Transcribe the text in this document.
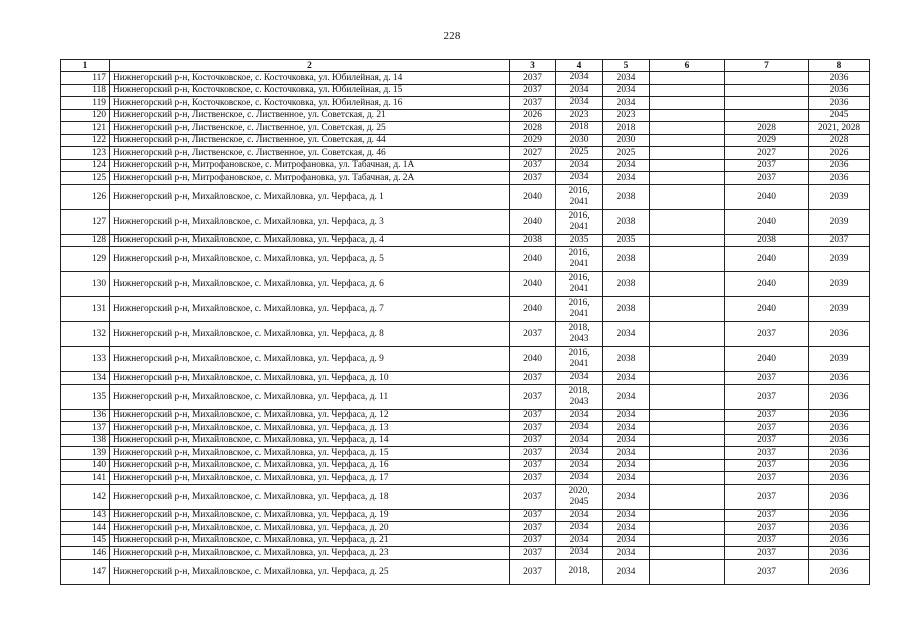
228
1	2	3	4	5	6	7	8
117	Нижнегорский р-н, Косточковское, с. Косточковка, ул. Юбилейная, д. 14	2037	2034	2034			2036
118	Нижнегорский р-н, Косточковское, с. Косточковка, ул. Юбилейная, д. 15	2037	2034	2034			2036
119	Нижнегорский р-н, Косточковское, с. Косточковка, ул. Юбилейная, д. 16	2037	2034	2034			2036
120	Нижнегорский р-н, Лиственское, с. Лиственное, ул. Советская, д. 21	2026	2023	2023			2045
121	Нижнегорский р-н, Лиственское, с. Лиственное, ул. Советская, д. 25	2028	2018	2018		2028	2021, 2028
122	Нижнегорский р-н, Лиственское, с. Лиственное, ул. Советская, д. 44	2029	2030	2030		2029	2028
123	Нижнегорский р-н, Лиственское, с. Лиственное, ул. Советская, д. 46	2027	2025	2025		2027	2026
124	Нижнегорский р-н, Митрофановское, с. Митрофановка, ул. Табачная, д. 1А	2037	2034	2034		2037	2036
125	Нижнегорский р-н, Митрофановское, с. Митрофановка, ул. Табачная, д. 2А	2037	2034	2034		2037	2036
126	Нижнегорский р-н, Михайловское, с. Михайловка, ул. Черфаса, д. 1	2040	2016, 2041	2038		2040	2039
127	Нижнегорский р-н, Михайловское, с. Михайловка, ул. Черфаса, д. 3	2040	2016, 2041	2038		2040	2039
128	Нижнегорский р-н, Михайловское, с. Михайловка, ул. Черфаса, д. 4	2038	2035	2035		2038	2037
129	Нижнегорский р-н, Михайловское, с. Михайловка, ул. Черфаса, д. 5	2040	2016, 2041	2038		2040	2039
130	Нижнегорский р-н, Михайловское, с. Михайловка, ул. Черфаса, д. 6	2040	2016, 2041	2038		2040	2039
131	Нижнегорский р-н, Михайловское, с. Михайловка, ул. Черфаса, д. 7	2040	2016, 2041	2038		2040	2039
132	Нижнегорский р-н, Михайловское, с. Михайловка, ул. Черфаса, д. 8	2037	2018, 2043	2034		2037	2036
133	Нижнегорский р-н, Михайловское, с. Михайловка, ул. Черфаса, д. 9	2040	2016, 2041	2038		2040	2039
134	Нижнегорский р-н, Михайловское, с. Михайловка, ул. Черфаса, д. 10	2037	2034	2034		2037	2036
135	Нижнегорский р-н, Михайловское, с. Михайловка, ул. Черфаса, д. 11	2037	2018, 2043	2034		2037	2036
136	Нижнегорский р-н, Михайловское, с. Михайловка, ул. Черфаса, д. 12	2037	2034	2034		2037	2036
137	Нижнегорский р-н, Михайловское, с. Михайловка, ул. Черфаса, д. 13	2037	2034	2034		2037	2036
138	Нижнегорский р-н, Михайловское, с. Михайловка, ул. Черфаса, д. 14	2037	2034	2034		2037	2036
139	Нижнегорский р-н, Михайловское, с. Михайловка, ул. Черфаса, д. 15	2037	2034	2034		2037	2036
140	Нижнегорский р-н, Михайловское, с. Михайловка, ул. Черфаса, д. 16	2037	2034	2034		2037	2036
141	Нижнегорский р-н, Михайловское, с. Михайловка, ул. Черфаса, д. 17	2037	2034	2034		2037	2036
142	Нижнегорский р-н, Михайловское, с. Михайловка, ул. Черфаса, д. 18	2037	2020, 2045	2034		2037	2036
143	Нижнегорский р-н, Михайловское, с. Михайловка, ул. Черфаса, д. 19	2037	2034	2034		2037	2036
144	Нижнегорский р-н, Михайловское, с. Михайловка, ул. Черфаса, д. 20	2037	2034	2034		2037	2036
145	Нижнегорский р-н, Михайловское, с. Михайловка, ул. Черфаса, д. 21	2037	2034	2034		2037	2036
146	Нижнегорский р-н, Михайловское, с. Михайловка, ул. Черфаса, д. 23	2037	2034	2034		2037	2036
147	Нижнегорский р-н, Михайловское, с. Михайловка, ул. Черфаса, д. 25	2037	2018,	2034		2037	2036
